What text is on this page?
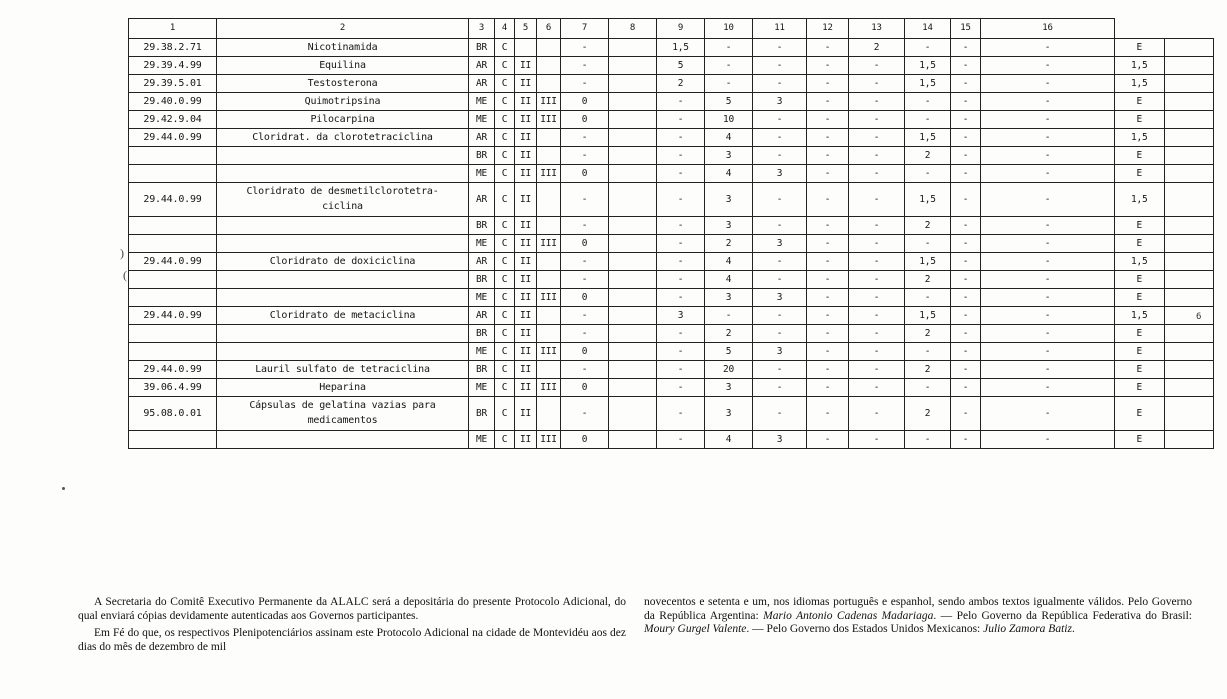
)
(
6
1	2	3	4	5	6	7	8	9	10	11	12	13	14	15	16		
29.38.2.71	Nicotinamida	BR	C			-		1,5	-	-	-	2	-	-	-	E	
29.39.4.99	Equilina	AR	C	II		-		5	-	-	-	-	1,5	-	-	1,5	
29.39.5.01	Testosterona	AR	C	II		-		2	-	-	-	-	1,5	-	-	1,5	
29.40.0.99	Quimotripsina	ME	C	II	III	0		-	5	3	-	-	-	-	-	E	
29.42.9.04	Pilocarpina	ME	C	II	III	0		-	10	-	-	-	-	-	-	E	
29.44.0.99	Cloridrat. da clorotetraciclina	AR	C	II		-		-	4	-	-	-	1,5	-	-	1,5	
		BR	C	II		-		-	3	-	-	-	2	-	-	E	
		ME	C	II	III	0		-	4	3	-	-	-	-	-	E	
29.44.0.99	Cloridrato de desmetilclorotetra-
ciclina	AR	C	II		-		-	3	-	-	-	1,5	-	-	1,5	
		BR	C	II		-		-	3	-	-	-	2	-	-	E	
		ME	C	II	III	0		-	2	3	-	-	-	-	-	E	
29.44.0.99	Cloridrato de doxiciclina	AR	C	II		-		-	4	-	-	-	1,5	-	-	1,5	
		BR	C	II		-		-	4	-	-	-	2	-	-	E	
		ME	C	II	III	0		-	3	3	-	-	-	-	-	E	
29.44.0.99	Cloridrato de metaciclina	AR	C	II		-		3	-	-	-	-	1,5	-	-	1,5	
		BR	C	II		-		-	2	-	-	-	2	-	-	E	
		ME	C	II	III	0		-	5	3	-	-	-	-	-	E	
29.44.0.99	Lauril sulfato de tetraciclina	BR	C	II		-		-	20	-	-	-	2	-	-	E	
39.06.4.99	Heparina	ME	C	II	III	0		-	3	-	-	-	-	-	-	E	
95.08.0.01	Cápsulas de gelatina vazias para
medicamentos	BR	C	II		-		-	3	-	-	-	2	-	-	E	
		ME	C	II	III	0		-	4	3	-	-	-	-	-	E	

A Secretaria do Comitê Executivo Permanente da ALALC será a depositária do presente Protocolo Adicional, do qual enviará cópias devidamente autenticadas aos Governos participantes.

Em Fé do que, os respectivos Plenipotenciários assinam este Protocolo Adicional na cidade de Montevidéu aos dez dias do mês de dezembro de mil

novecentos e setenta e um, nos idiomas português e espanhol, sendo ambos textos igualmente válidos. Pelo Governo da República Argentina: Mario Antonio Cadenas Madariaga. — Pelo Governo da República Federativa do Brasil: Moury Gurgel Valente. — Pelo Governo dos Estados Unidos Mexicanos: Julio Zamora Batiz.
